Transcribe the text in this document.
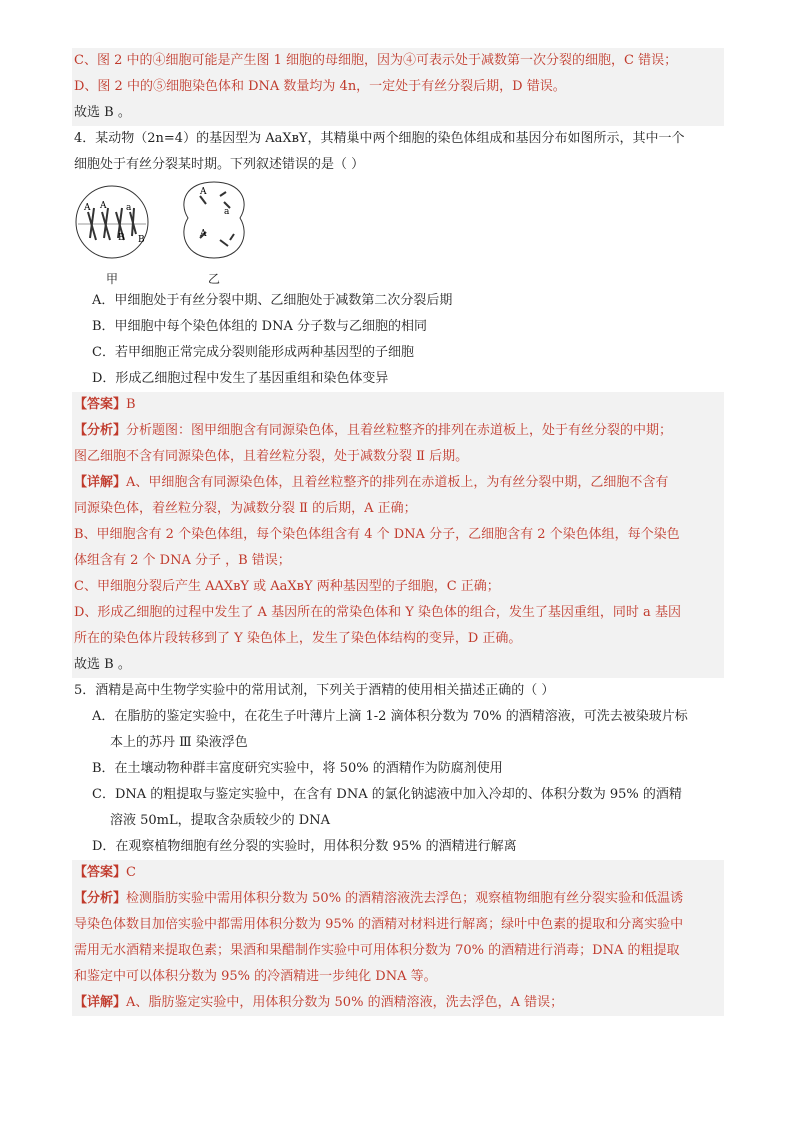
C、图 2 中的④细胞可能是产生图 1 细胞的母细胞，因为④可表示处于减数第一次分裂的细胞，C 错误；
D、图 2 中的⑤细胞染色体和 DNA 数量均为 4n，一定处于有丝分裂后期，D 错误。
故选 B 。
4．某动物（2n=4）的基因型为 AaXʙY，其精巢中两个细胞的染色体组成和基因分布如图所示，其中一个
细胞处于有丝分裂某时期。下列叙述错误的是（ ）
A A a
B B
A
a
A
甲	乙
A．甲细胞处于有丝分裂中期、乙细胞处于减数第二次分裂后期
B．甲细胞中每个染色体组的 DNA 分子数与乙细胞的相同
C．若甲细胞正常完成分裂则能形成两种基因型的子细胞
D．形成乙细胞过程中发生了基因重组和染色体变异
【答案】B
【分析】分析题图：图甲细胞含有同源染色体，且着丝粒整齐的排列在赤道板上，处于有丝分裂的中期；
图乙细胞不含有同源染色体，且着丝粒分裂，处于减数分裂 Ⅱ 后期。
【详解】A、甲细胞含有同源染色体，且着丝粒整齐的排列在赤道板上，为有丝分裂中期，乙细胞不含有
同源染色体，着丝粒分裂，为减数分裂 Ⅱ 的后期，A 正确；
B、甲细胞含有 2 个染色体组，每个染色体组含有 4 个 DNA 分子，乙细胞含有 2 个染色体组，每个染色
体组含有 2 个 DNA 分子 ，B 错误；
C、甲细胞分裂后产生 AAXʙY 或 AaXʙY 两种基因型的子细胞，C 正确；
D、形成乙细胞的过程中发生了 A 基因所在的常染色体和 Y 染色体的组合，发生了基因重组，同时 a 基因
所在的染色体片段转移到了 Y 染色体上，发生了染色体结构的变异，D 正确。
故选 B 。
5．酒精是高中生物学实验中的常用试剂，下列关于酒精的使用相关描述正确的（ ）
A．在脂肪的鉴定实验中，在花生子叶薄片上滴 1-2 滴体积分数为 70% 的酒精溶液，可洗去被染玻片标
本上的苏丹 Ⅲ 染液浮色
B．在土壤动物种群丰富度研究实验中，将 50% 的酒精作为防腐剂使用
C．DNA 的粗提取与鉴定实验中，在含有 DNA 的氯化钠滤液中加入冷却的、体积分数为 95% 的酒精
溶液 50mL，提取含杂质较少的 DNA
D．在观察植物细胞有丝分裂的实验时，用体积分数 95% 的酒精进行解离
【答案】C
【分析】检测脂肪实验中需用体积分数为 50% 的酒精溶液洗去浮色；观察植物细胞有丝分裂实验和低温诱
导染色体数目加倍实验中都需用体积分数为 95% 的酒精对材料进行解离；绿叶中色素的提取和分离实验中
需用无水酒精来提取色素；果酒和果醋制作实验中可用体积分数为 70% 的酒精进行消毒；DNA 的粗提取
和鉴定中可以体积分数为 95% 的冷酒精进一步纯化 DNA 等。
【详解】A、脂肪鉴定实验中，用体积分数为 50% 的酒精溶液，洗去浮色，A 错误；
